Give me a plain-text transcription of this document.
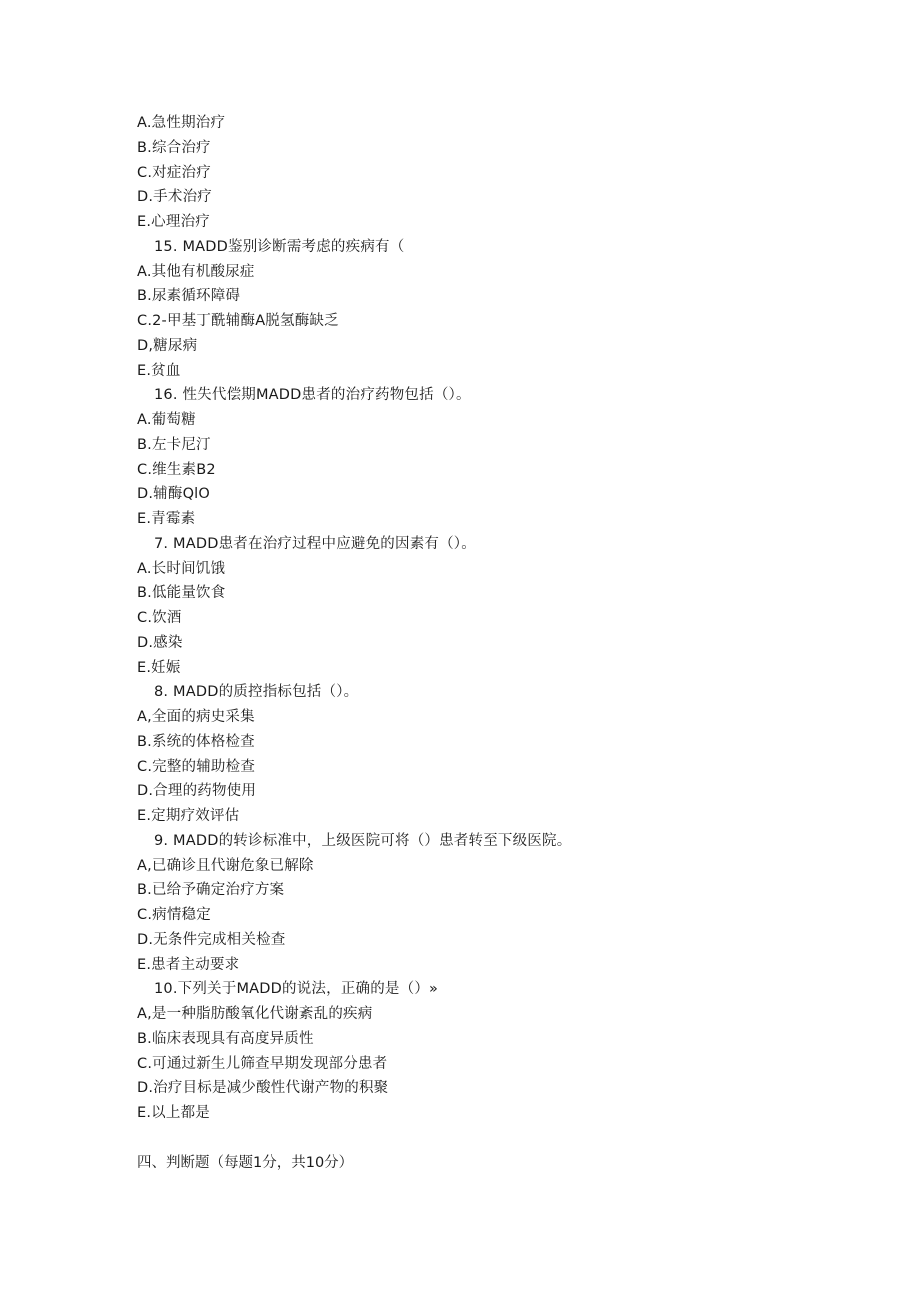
A.急性期治疗
B.综合治疗
C.对症治疗
D.手术治疗
E.心理治疗
15. MADD鉴别诊断需考虑的疾病有（
A.其他有机酸尿症
B.尿素循环障碍
C.2-甲基丁酰辅酶A脱氢酶缺乏
D,糖尿病
E.贫血
16. 性失代偿期MADD患者的治疗药物包括（）。
A.葡萄糖
B.左卡尼汀
C.维生素B2
D.辅酶QlO
E.青霉素
7. MADD患者在治疗过程中应避免的因素有（）。
A.长时间饥饿
B.低能量饮食
C.饮酒
D.感染
E.妊娠
8. MADD的质控指标包括（）。
A,全面的病史采集
B.系统的体格检查
C.完整的辅助检查
D.合理的药物使用
E.定期疗效评估
9. MADD的转诊标准中，上级医院可将（）患者转至下级医院。
A,已确诊且代谢危象已解除
B.已给予确定治疗方案
C.病情稳定
D.无条件完成相关检查
E.患者主动要求
10.下列关于MADD的说法，正确的是（）»
A,是一种脂肪酸氧化代谢紊乱的疾病
B.临床表现具有高度异质性
C.可通过新生儿筛查早期发现部分患者
D.治疗目标是减少酸性代谢产物的积聚
E.以上都是
四、判断题（每题1分，共10分）
